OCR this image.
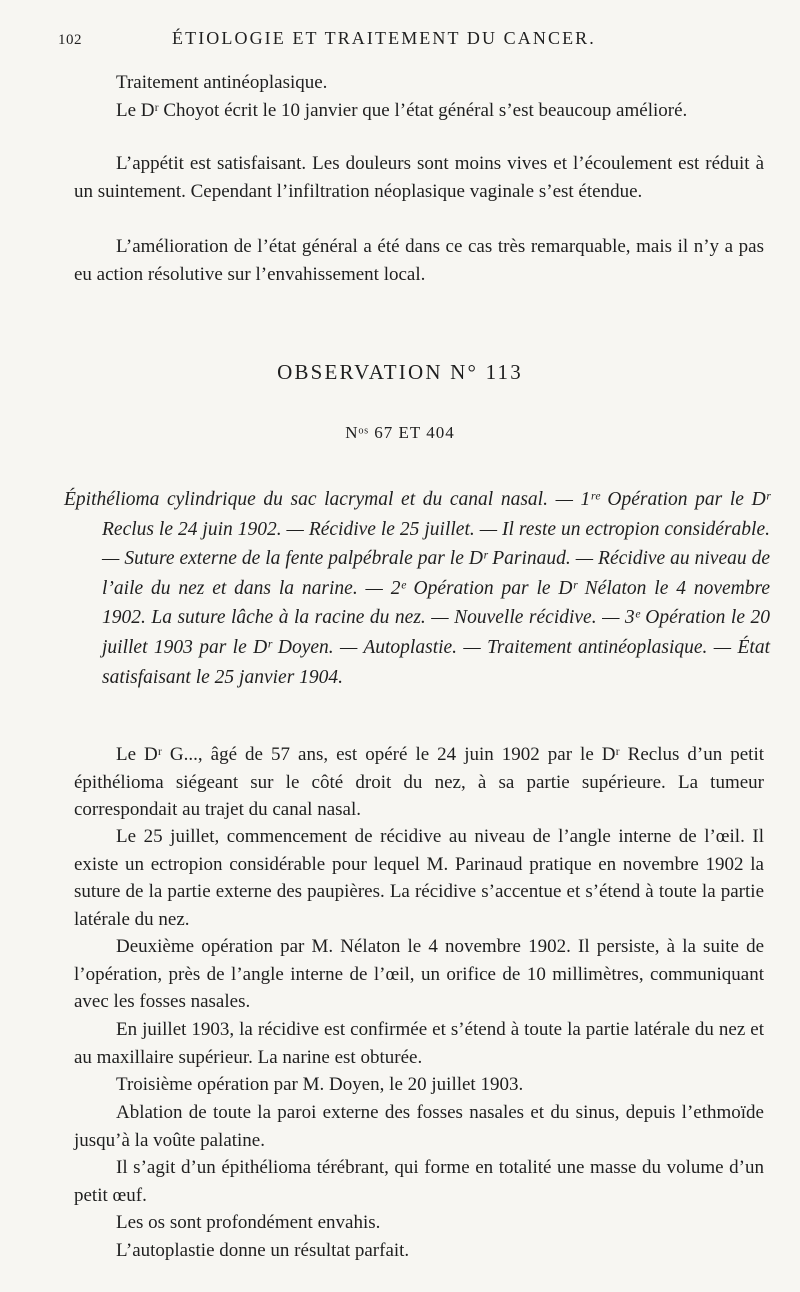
102	ÉTIOLOGIE ET TRAITEMENT DU CANCER.

Traitement antinéoplasique.

Le Dʳ Choyot écrit le 10 janvier que l’état général s’est beaucoup amélioré.

L’appétit est satisfaisant. Les douleurs sont moins vives et l’écoulement est réduit à un suintement. Cependant l’infiltration néoplasique vaginale s’est étendue.

L’amélioration de l’état général a été dans ce cas très remarquable, mais il n’y a pas eu action résolutive sur l’envahissement local.

OBSERVATION N° 113
Nᵒˢ 67 ET 404

Épithélioma cylindrique du sac lacrymal et du canal nasal. — 1ʳᵉ Opération par le Dʳ Reclus le 24 juin 1902. — Récidive le 25 juillet. — Il reste un ectropion considérable. — Suture externe de la fente palpébrale par le Dʳ Parinaud. — Récidive au niveau de l’aile du nez et dans la narine. — 2ᵉ Opération par le Dʳ Nélaton le 4 novembre 1902. La suture lâche à la racine du nez. — Nouvelle récidive. — 3ᵉ Opération le 20 juillet 1903 par le Dʳ Doyen. — Autoplastie. — Traitement antinéoplasique. — État satisfaisant le 25 janvier 1904.

Le Dʳ G..., âgé de 57 ans, est opéré le 24 juin 1902 par le Dʳ Reclus d’un petit épithélioma siégeant sur le côté droit du nez, à sa partie supérieure. La tumeur correspondait au trajet du canal nasal.

Le 25 juillet, commencement de récidive au niveau de l’angle interne de l’œil. Il existe un ectropion considérable pour lequel M. Parinaud pratique en novembre 1902 la suture de la partie externe des paupières. La récidive s’accentue et s’étend à toute la partie latérale du nez.

Deuxième opération par M. Nélaton le 4 novembre 1902. Il persiste, à la suite de l’opération, près de l’angle interne de l’œil, un orifice de 10 millimètres, communiquant avec les fosses nasales.

En juillet 1903, la récidive est confirmée et s’étend à toute la partie latérale du nez et au maxillaire supérieur. La narine est obturée.

Troisième opération par M. Doyen, le 20 juillet 1903.

Ablation de toute la paroi externe des fosses nasales et du sinus, depuis l’ethmoïde jusqu’à la voûte palatine.

Il s’agit d’un épithélioma térébrant, qui forme en totalité une masse du volume d’un petit œuf.

Les os sont profondément envahis.

L’autoplastie donne un résultat parfait.
